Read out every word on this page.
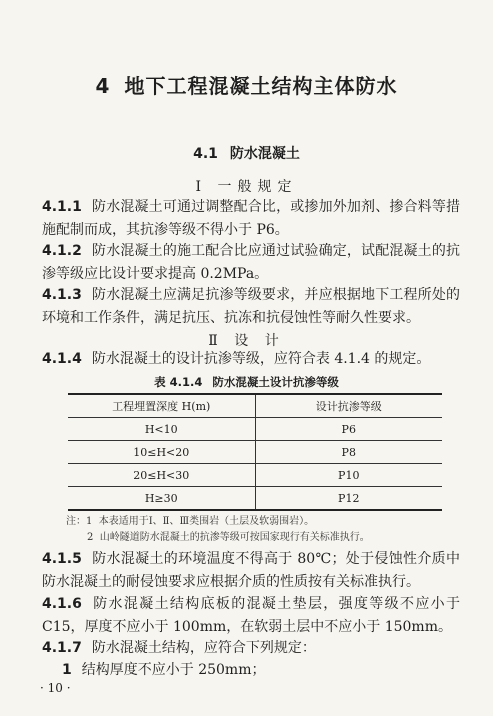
4 地下工程混凝土结构主体防水
4.1 防水混凝土
Ⅰ 一般规定
4.1.1 防水混凝土可通过调整配合比，或掺加外加剂、掺合料等措施配制而成，其抗渗等级不得小于 P6。
4.1.2 防水混凝土的施工配合比应通过试验确定，试配混凝土的抗渗等级应比设计要求提高 0.2MPa。
4.1.3 防水混凝土应满足抗渗等级要求，并应根据地下工程所处的环境和工作条件，满足抗压、抗冻和抗侵蚀性等耐久性要求。
Ⅱ 设 计
4.1.4 防水混凝土的设计抗渗等级，应符合表 4.1.4 的规定。
表 4.1.4 防水混凝土设计抗渗等级
工程埋置深度 H(m)	设计抗渗等级
H<10	P6
10≤H<20	P8
20≤H<30	P10
H≥30	P12
注：1 本表适用于Ⅰ、Ⅱ、Ⅲ类围岩（土层及软弱围岩）。
2 山岭隧道防水混凝土的抗渗等级可按国家现行有关标准执行。
4.1.5 防水混凝土的环境温度不得高于 80℃；处于侵蚀性介质中防水混凝土的耐侵蚀要求应根据介质的性质按有关标准执行。
4.1.6 防水混凝土结构底板的混凝土垫层，强度等级不应小于 C15，厚度不应小于 100mm，在软弱土层中不应小于 150mm。
4.1.7 防水混凝土结构，应符合下列规定：
1 结构厚度不应小于 250mm；
· 10 ·
